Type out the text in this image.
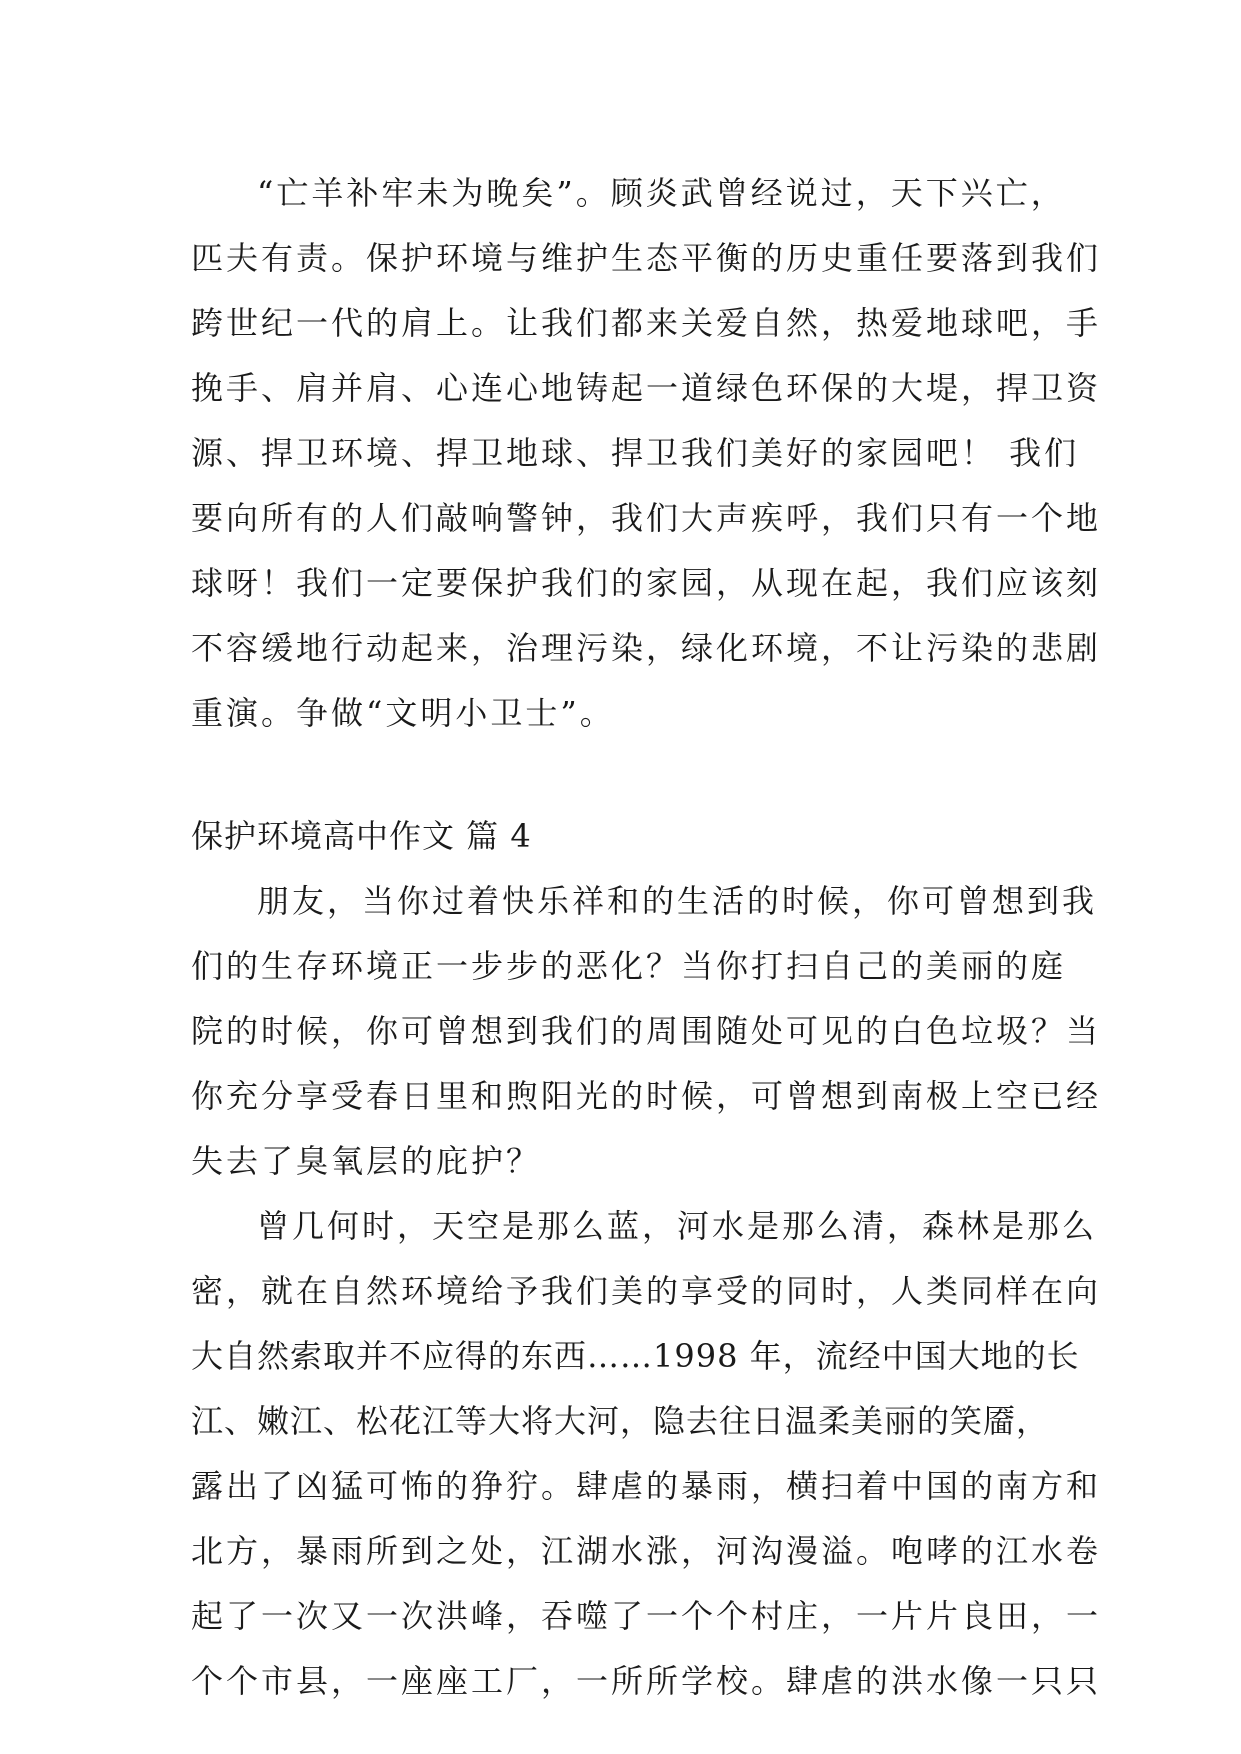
“亡羊补牢未为晚矣”。顾炎武曾经说过，天下兴亡，
匹夫有责。保护环境与维护生态平衡的历史重任要落到我们
跨世纪一代的肩上。让我们都来关爱自然，热爱地球吧，手
挽手、肩并肩、心连心地铸起一道绿色环保的大堤，捍卫资
源、捍卫环境、捍卫地球、捍卫我们美好的家园吧！ 我们
要向所有的人们敲响警钟，我们大声疾呼，我们只有一个地
球呀！我们一定要保护我们的家园，从现在起，我们应该刻
不容缓地行动起来，治理污染，绿化环境，不让污染的悲剧
重演。争做“文明小卫士”。
保护环境高中作文 篇 4
朋友，当你过着快乐祥和的生活的时候，你可曾想到我
们的生存环境正一步步的恶化？当你打扫自己的美丽的庭
院的时候，你可曾想到我们的周围随处可见的白色垃圾？当
你充分享受春日里和煦阳光的时候，可曾想到南极上空已经
失去了臭氧层的庇护？
曾几何时，天空是那么蓝，河水是那么清，森林是那么
密，就在自然环境给予我们美的享受的同时，人类同样在向
大自然索取并不应得的东西……1998 年，流经中国大地的长
江、嫩江、松花江等大将大河，隐去往日温柔美丽的笑靥，
露出了凶猛可怖的狰狞。肆虐的暴雨，横扫着中国的南方和
北方，暴雨所到之处，江湖水涨，河沟漫溢。咆哮的江水卷
起了一次又一次洪峰，吞噬了一个个村庄，一片片良田，一
个个市县，一座座工厂，一所所学校。肆虐的洪水像一只只
